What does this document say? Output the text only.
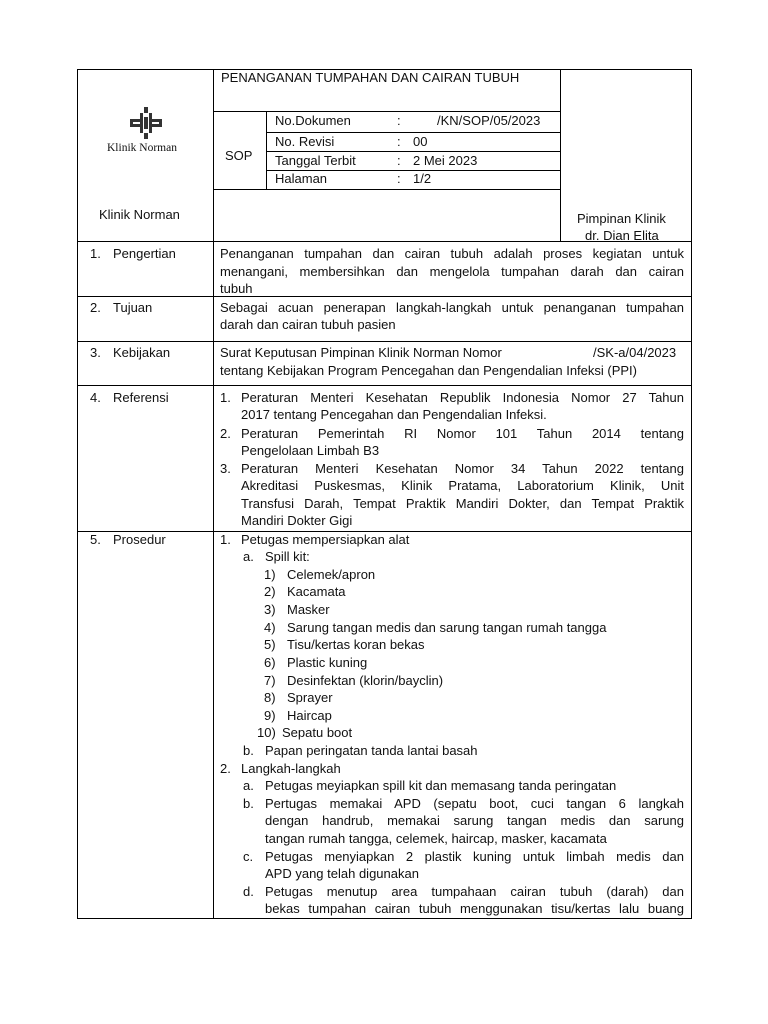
Klinik Norman
PENANGANAN TUMPAHAN DAN CAIRAN TUBUH
SOP
No.Dokumen	:	/KN/SOP/05/2023
No. Revisi	: 00
Tanggal Terbit	: 2 Mei 2023
Halaman	: 1/2
Klinik Norman	Pimpinan Klinik
dr. Dian Elita
1. Pengertian	Penanganan tumpahan dan cairan tubuh adalah proses kegiatan untuk
menangani, membersihkan dan mengelola tumpahan darah dan cairan
tubuh
2. Tujuan	Sebagai acuan penerapan langkah-langkah untuk penanganan tumpahan
darah dan cairan tubuh pasien
3. Kebijakan	Surat Keputusan Pimpinan Klinik Norman Nomor	/SK-a/04/2023
tentang Kebijakan Program Pencegahan dan Pengendalian Infeksi (PPI)
4. Referensi	1. Peraturan Menteri Kesehatan Republik Indonesia Nomor 27 Tahun
2017 tentang Pencegahan dan Pengendalian Infeksi.
2. Peraturan Pemerintah RI Nomor 101 Tahun 2014 tentang
Pengelolaan Limbah B3
3. Peraturan Menteri Kesehatan Nomor 34 Tahun 2022 tentang
Akreditasi Puskesmas, Klinik Pratama, Laboratorium Klinik, Unit
Transfusi Darah, Tempat Praktik Mandiri Dokter, dan Tempat Praktik
Mandiri Dokter Gigi
5. Prosedur	1. Petugas mempersiapkan alat
a. Spill kit:
1) Celemek/apron
2) Kacamata
3) Masker
4) Sarung tangan medis dan sarung tangan rumah tangga
5) Tisu/kertas koran bekas
6) Plastic kuning
7) Desinfektan (klorin/bayclin)
8) Sprayer
9) Haircap
10) Sepatu boot
b. Papan peringatan tanda lantai basah
2. Langkah-langkah
a. Petugas meyiapkan spill kit dan memasang tanda peringatan
b. Pertugas memakai APD (sepatu boot, cuci tangan 6 langkah
dengan handrub, memakai sarung tangan medis dan sarung
tangan rumah tangga, celemek, haircap, masker, kacamata
c. Petugas menyiapkan 2 plastik kuning untuk limbah medis dan
APD yang telah digunakan
d. Petugas menutup area tumpahaan cairan tubuh (darah) dan
bekas tumpahan cairan tubuh menggunakan tisu/kertas lalu buang
